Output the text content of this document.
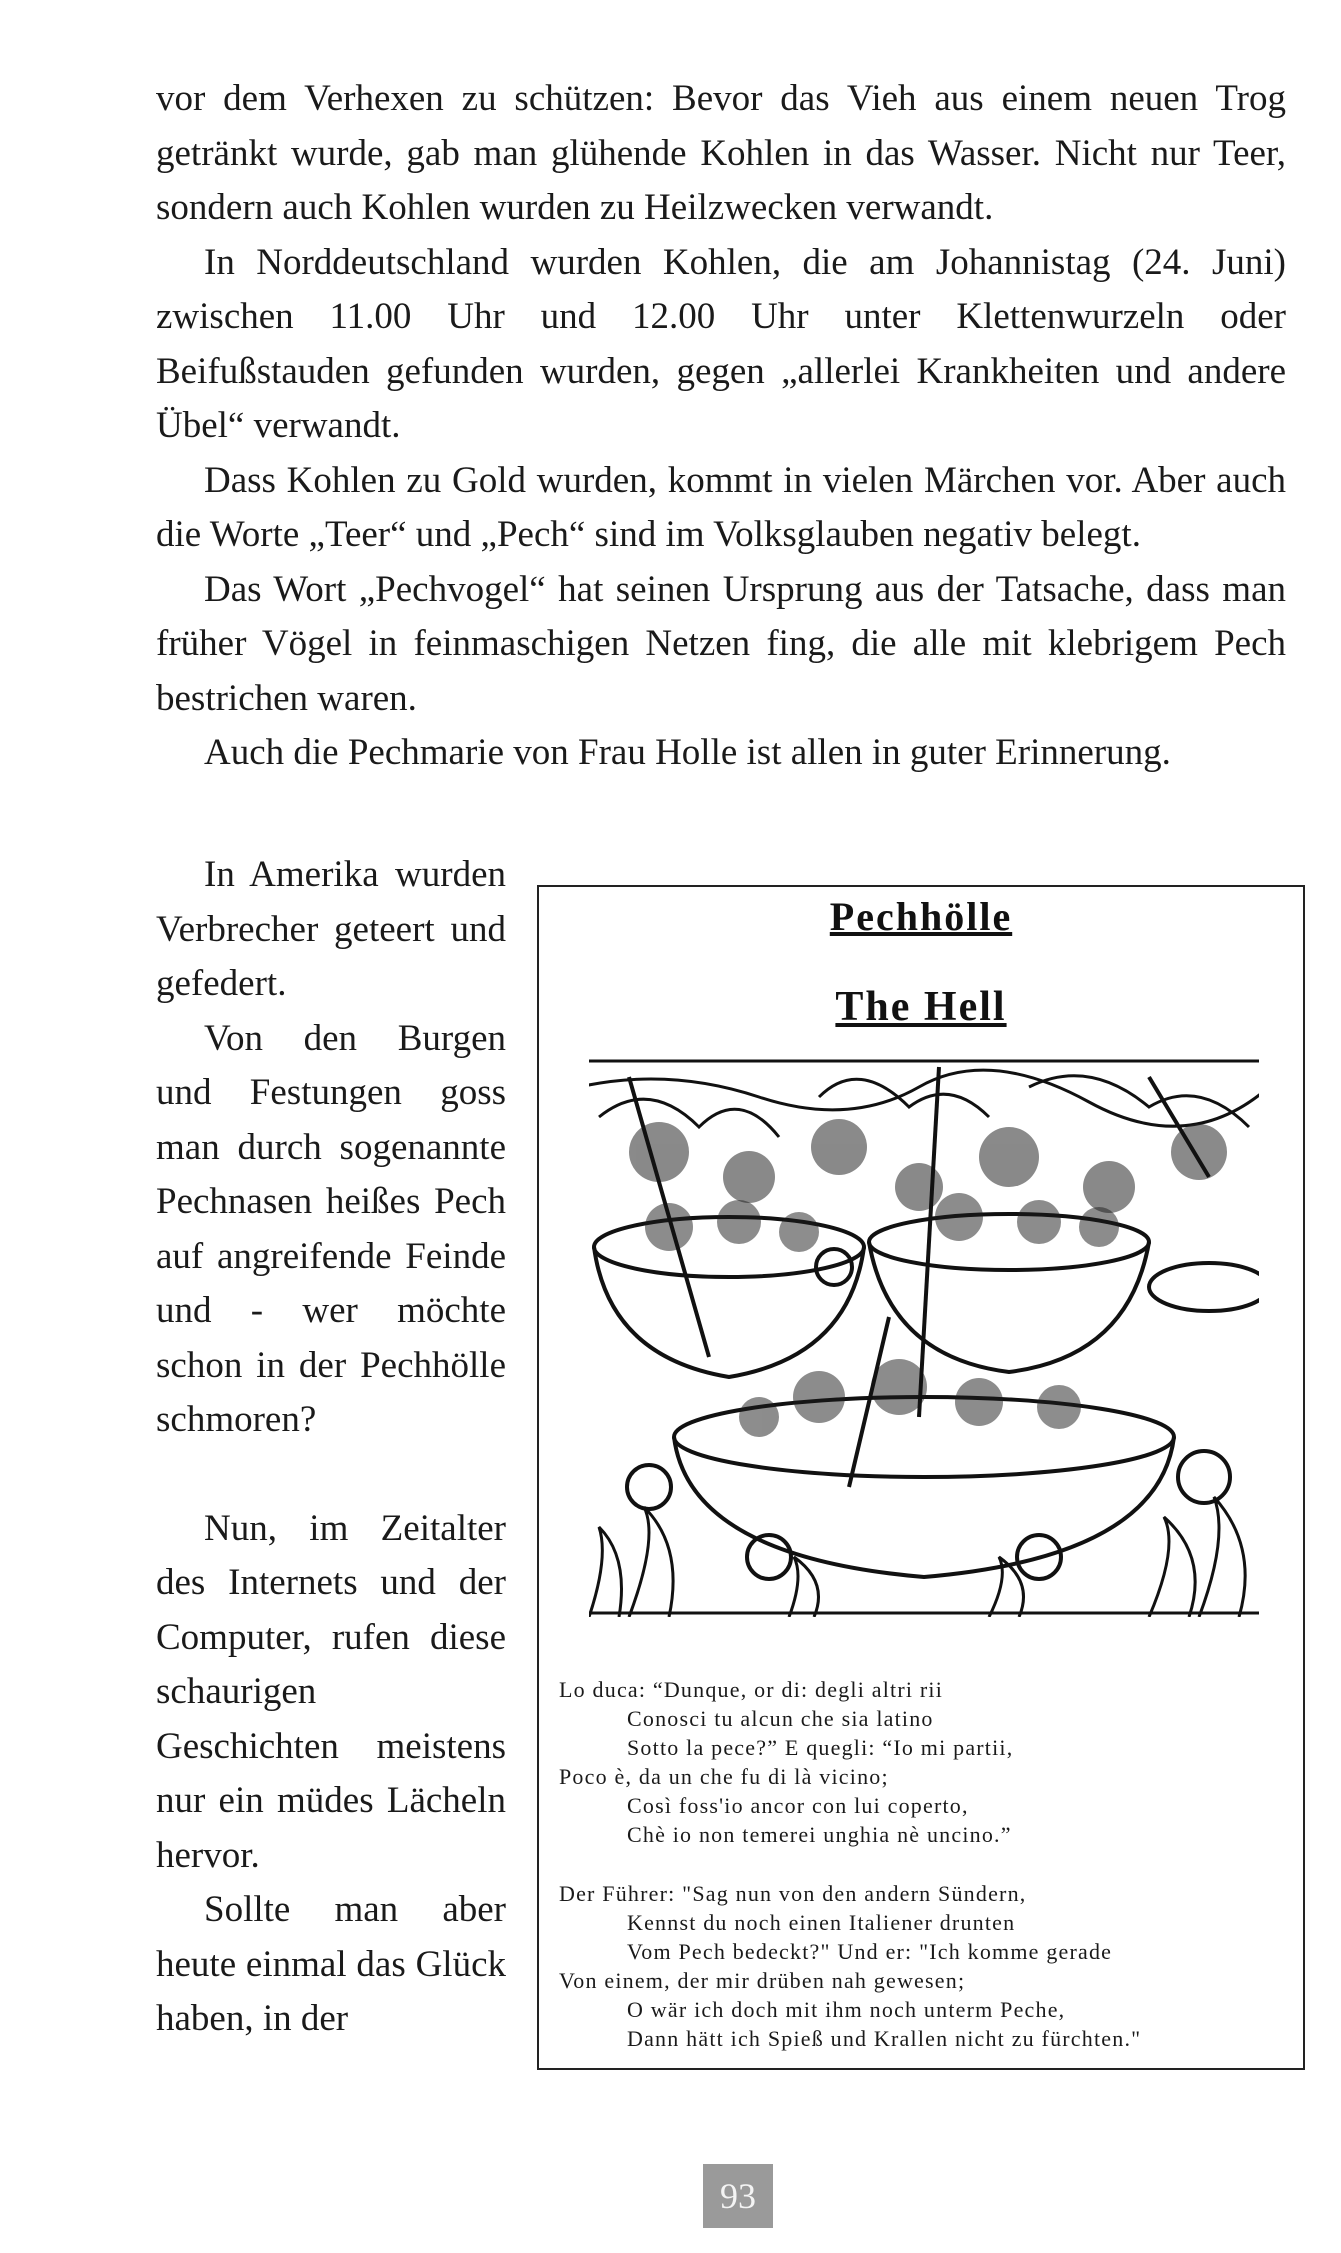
vor dem Verhexen zu schützen: Bevor das Vieh aus einem neuen Trog getränkt wurde, gab man glühende Kohlen in das Wasser. Nicht nur Teer, sondern auch Kohlen wurden zu Heilzwecken verwandt.

In Norddeutschland wurden Kohlen, die am Johannistag (24. Juni) zwischen 11.00 Uhr und 12.00 Uhr unter Klettenwurzeln oder Beifußstauden gefunden wurden, gegen „allerlei Krankheiten und andere Übel“ verwandt.

Dass Kohlen zu Gold wurden, kommt in vielen Märchen vor. Aber auch die Worte „Teer“ und „Pech“ sind im Volksglauben negativ belegt.

Das Wort „Pechvogel“ hat seinen Ursprung aus der Tatsache, dass man früher Vögel in feinmaschigen Netzen fing, die alle mit klebrigem Pech bestrichen waren.

Auch die Pechmarie von Frau Holle ist allen in guter Erinnerung.

In Amerika wurden Verbrecher geteert und gefedert.

Von den Burgen und Festungen goss man durch sogenannte Pechnasen heißes Pech auf angreifende Feinde und - wer möchte schon in der Pechhölle schmoren?

Nun, im Zeitalter des Internets und der Computer, rufen diese schaurigen Geschichten meistens nur ein müdes Lächeln hervor.

Sollte man aber heute einmal das Glück haben, in der

Pechhölle
The Hell
Lo duca: “Dunque, or di: degli altri rii
Conosci tu alcun che sia latino
Sotto la pece?” E quegli: “Io mi partii,
Poco è, da un che fu di là vicino;
Così foss'io ancor con lui coperto,
Chè io non temerei unghia nè uncino.”
Der Führer: "Sag nun von den andern Sündern,
Kennst du noch einen Italiener drunten
Vom Pech bedeckt?" Und er: "Ich komme gerade
Von einem, der mir drüben nah gewesen;
O wär ich doch mit ihm noch unterm Peche,
Dann hätt ich Spieß und Krallen nicht zu fürchten."
93
